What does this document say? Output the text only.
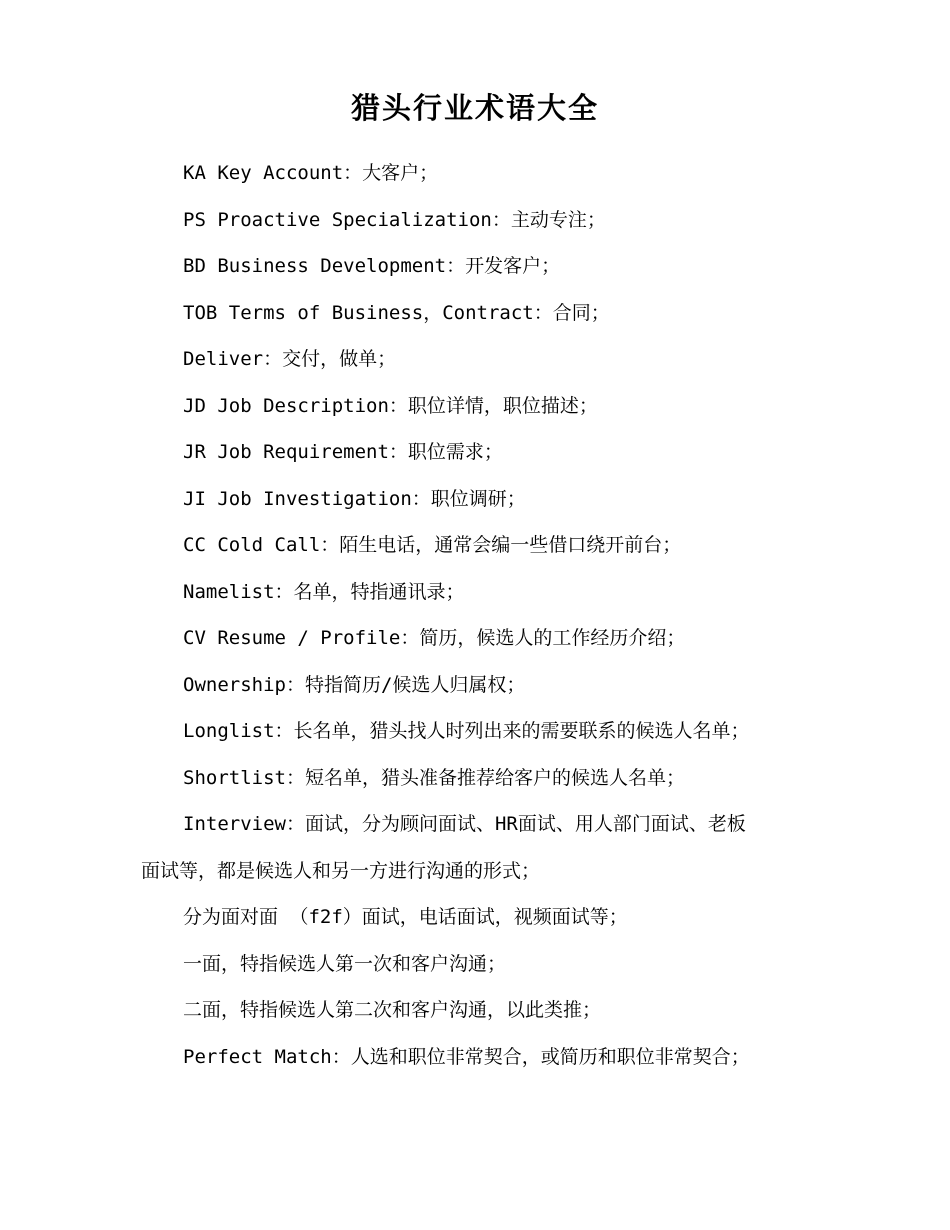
猎头行业术语大全

KA Key Account：大客户；

PS Proactive Specialization：主动专注；

BD Business Development：开发客户；

TOB Terms of Business，Contract：合同；

Deliver：交付，做单；

JD Job Description：职位详情，职位描述；

JR Job Requirement：职位需求；

JI Job Investigation：职位调研；

CC Cold Call：陌生电话，通常会编一些借口绕开前台；

Namelist：名单，特指通讯录；

CV Resume / Profile：简历，候选人的工作经历介绍；

Ownership：特指简历/候选人归属权；

Longlist：长名单，猎头找人时列出来的需要联系的候选人名单；

Shortlist：短名单，猎头准备推荐给客户的候选人名单；

Interview：面试，分为顾问面试、HR面试、用人部门面试、老板

面试等，都是候选人和另一方进行沟通的形式；

分为面对面 （f2f）面试，电话面试，视频面试等；

一面，特指候选人第一次和客户沟通；

二面，特指候选人第二次和客户沟通，以此类推；

Perfect Match：人选和职位非常契合，或简历和职位非常契合；
